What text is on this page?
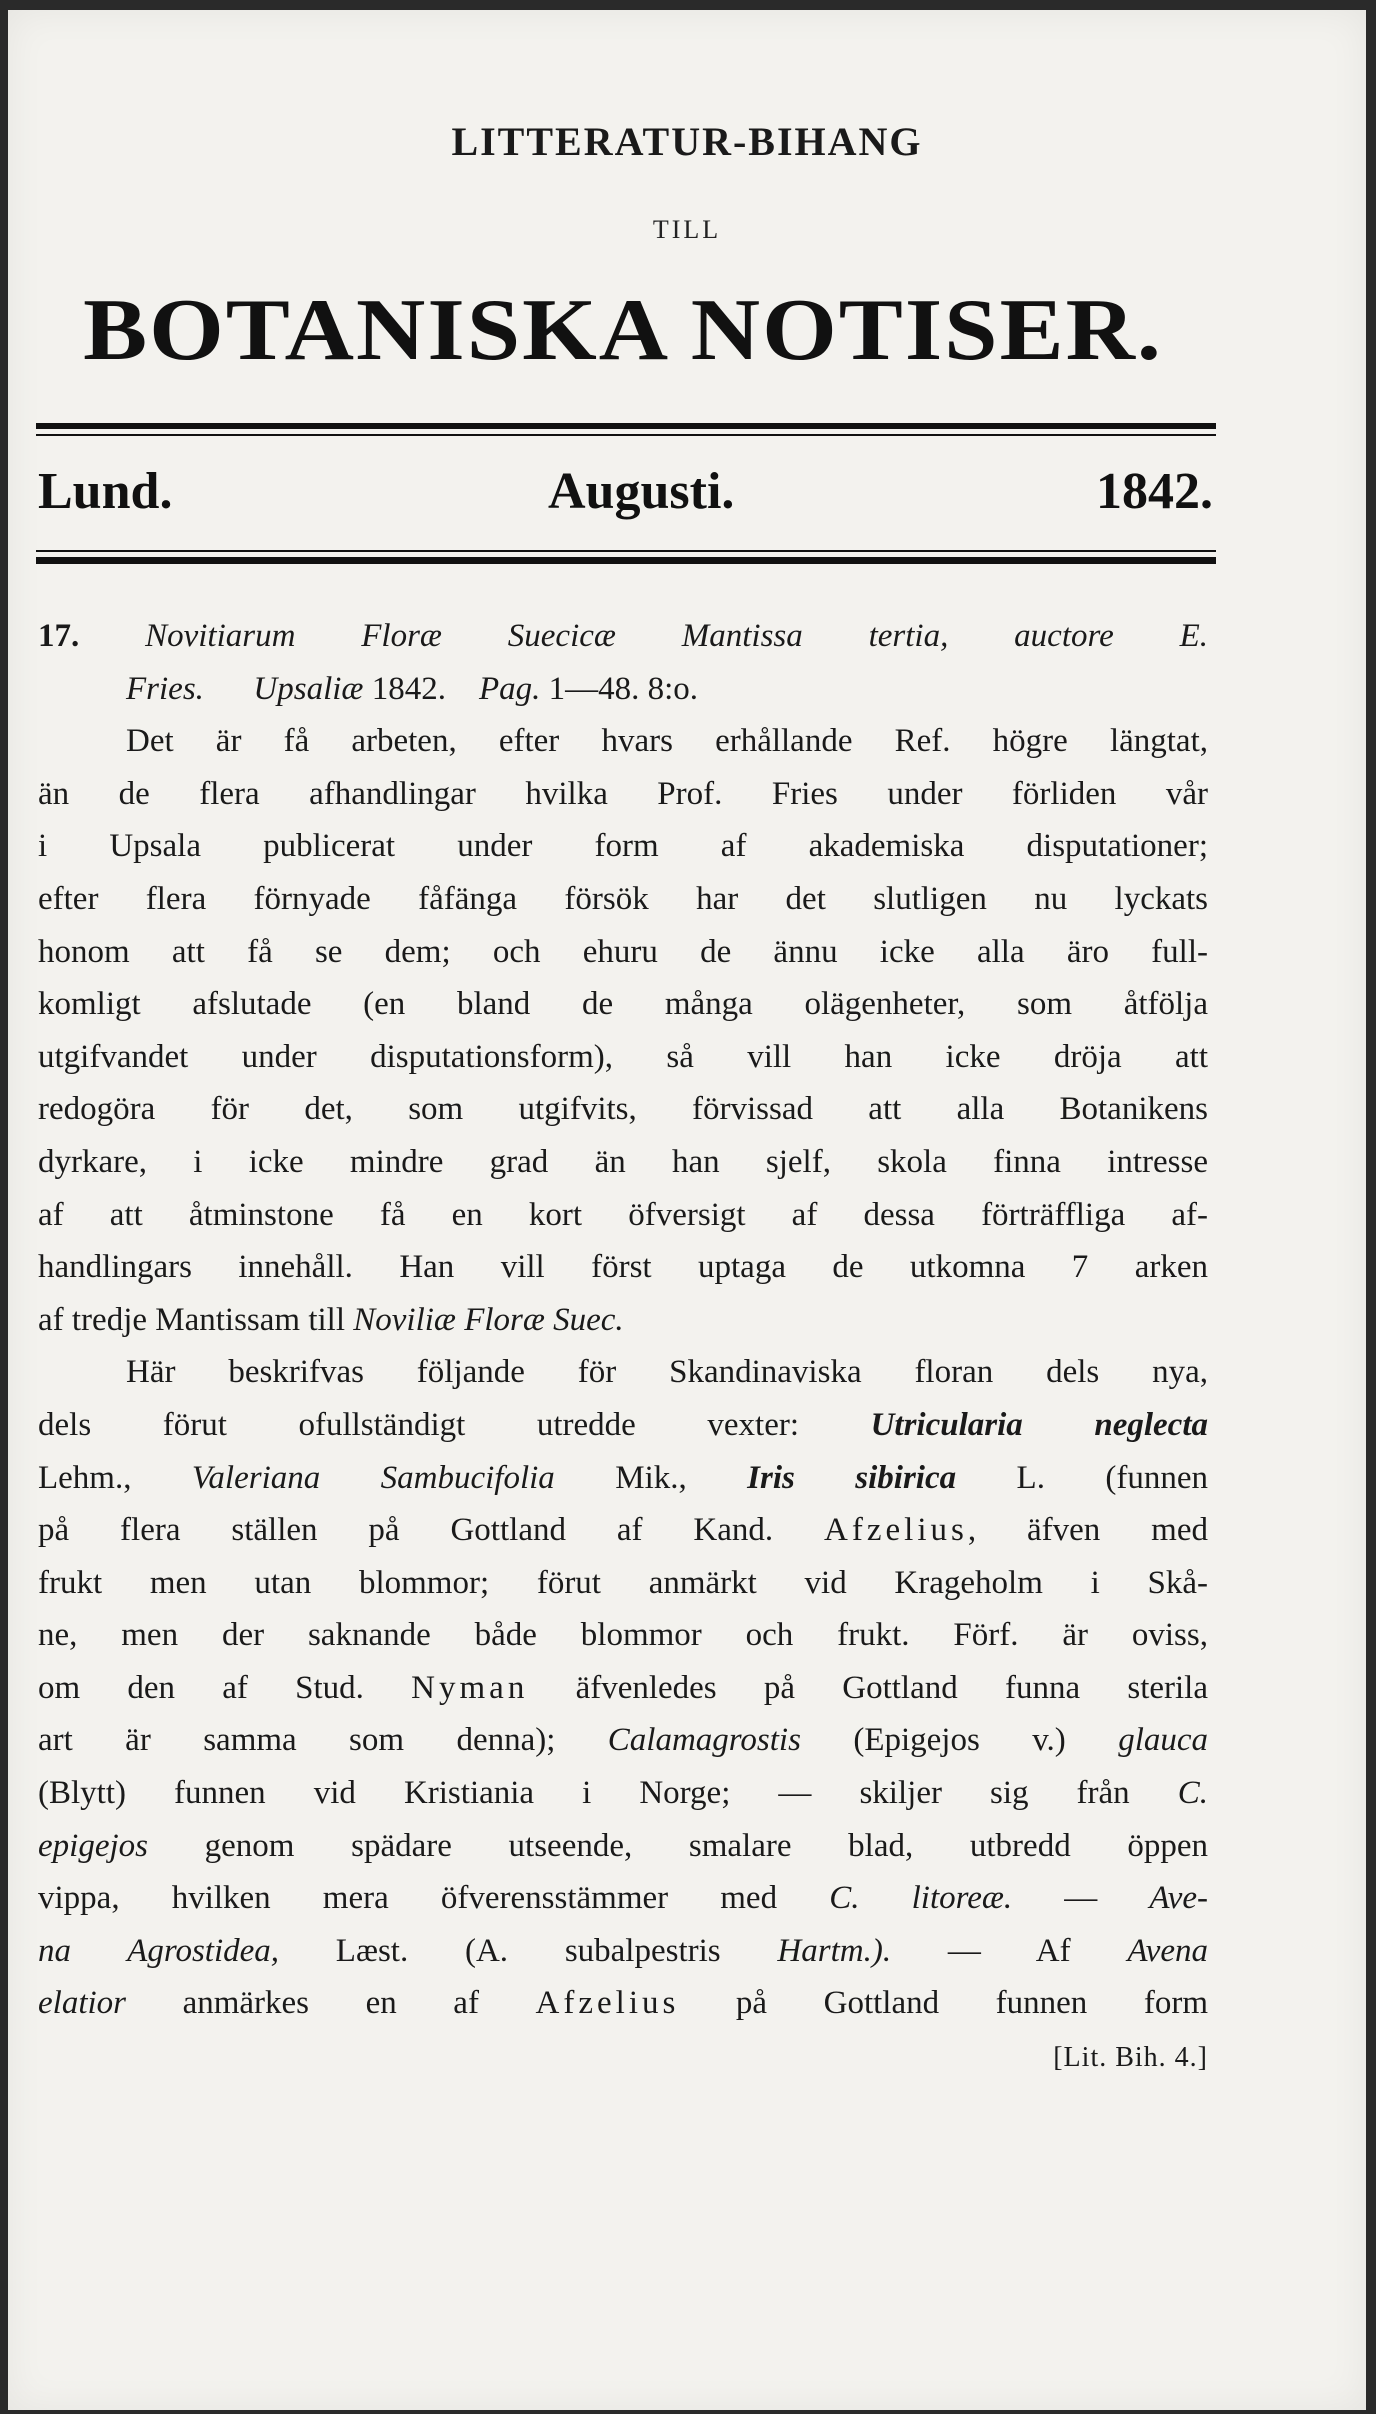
LITTERATUR-BIHANG
TILL
BOTANISKA NOTISER.
Lund.	Augusti.	1842.
17. Novitiarum Floræ Suecicæ Mantissa tertia, auctore E.
Fries. Upsaliæ 1842. Pag. 1—48. 8:o.
Det är få arbeten, efter hvars erhållande Ref. högre längtat,
än de flera afhandlingar hvilka Prof. Fries under förliden vår
i Upsala publicerat under form af akademiska disputationer;
efter flera förnyade fåfänga försök har det slutligen nu lyckats
honom att få se dem; och ehuru de ännu icke alla äro full-
komligt afslutade (en bland de många olägenheter, som åtfölja
utgifvandet under disputationsform), så vill han icke dröja att
redogöra för det, som utgifvits, förvissad att alla Botanikens
dyrkare, i icke mindre grad än han sjelf, skola finna intresse
af att åtminstone få en kort öfversigt af dessa förträffliga af-
handlingars innehåll. Han vill först uptaga de utkomna 7 arken
af tredje Mantissam till Noviliæ Floræ Suec.
Här beskrifvas följande för Skandinaviska floran dels nya,
dels förut ofullständigt utredde vexter: Utricularia neglecta
Lehm., Valeriana Sambucifolia Mik., Iris sibirica L. (funnen
på flera ställen på Gottland af Kand. Afzelius, äfven med
frukt men utan blommor; förut anmärkt vid Krageholm i Skå-
ne, men der saknande både blommor och frukt. Förf. är oviss,
om den af Stud. Nyman äfvenledes på Gottland funna sterila
art är samma som denna); Calamagrostis (Epigejos v.) glauca
(Blytt) funnen vid Kristiania i Norge; — skiljer sig från C.
epigejos genom spädare utseende, smalare blad, utbredd öppen
vippa, hvilken mera öfverensstämmer med C. litoreæ. — Ave-
na Agrostidea, Læst. (A. subalpestris Hartm.). — Af Avena
elatior anmärkes en af Afzelius på Gottland funnen form
[Lit. Bih. 4.]
